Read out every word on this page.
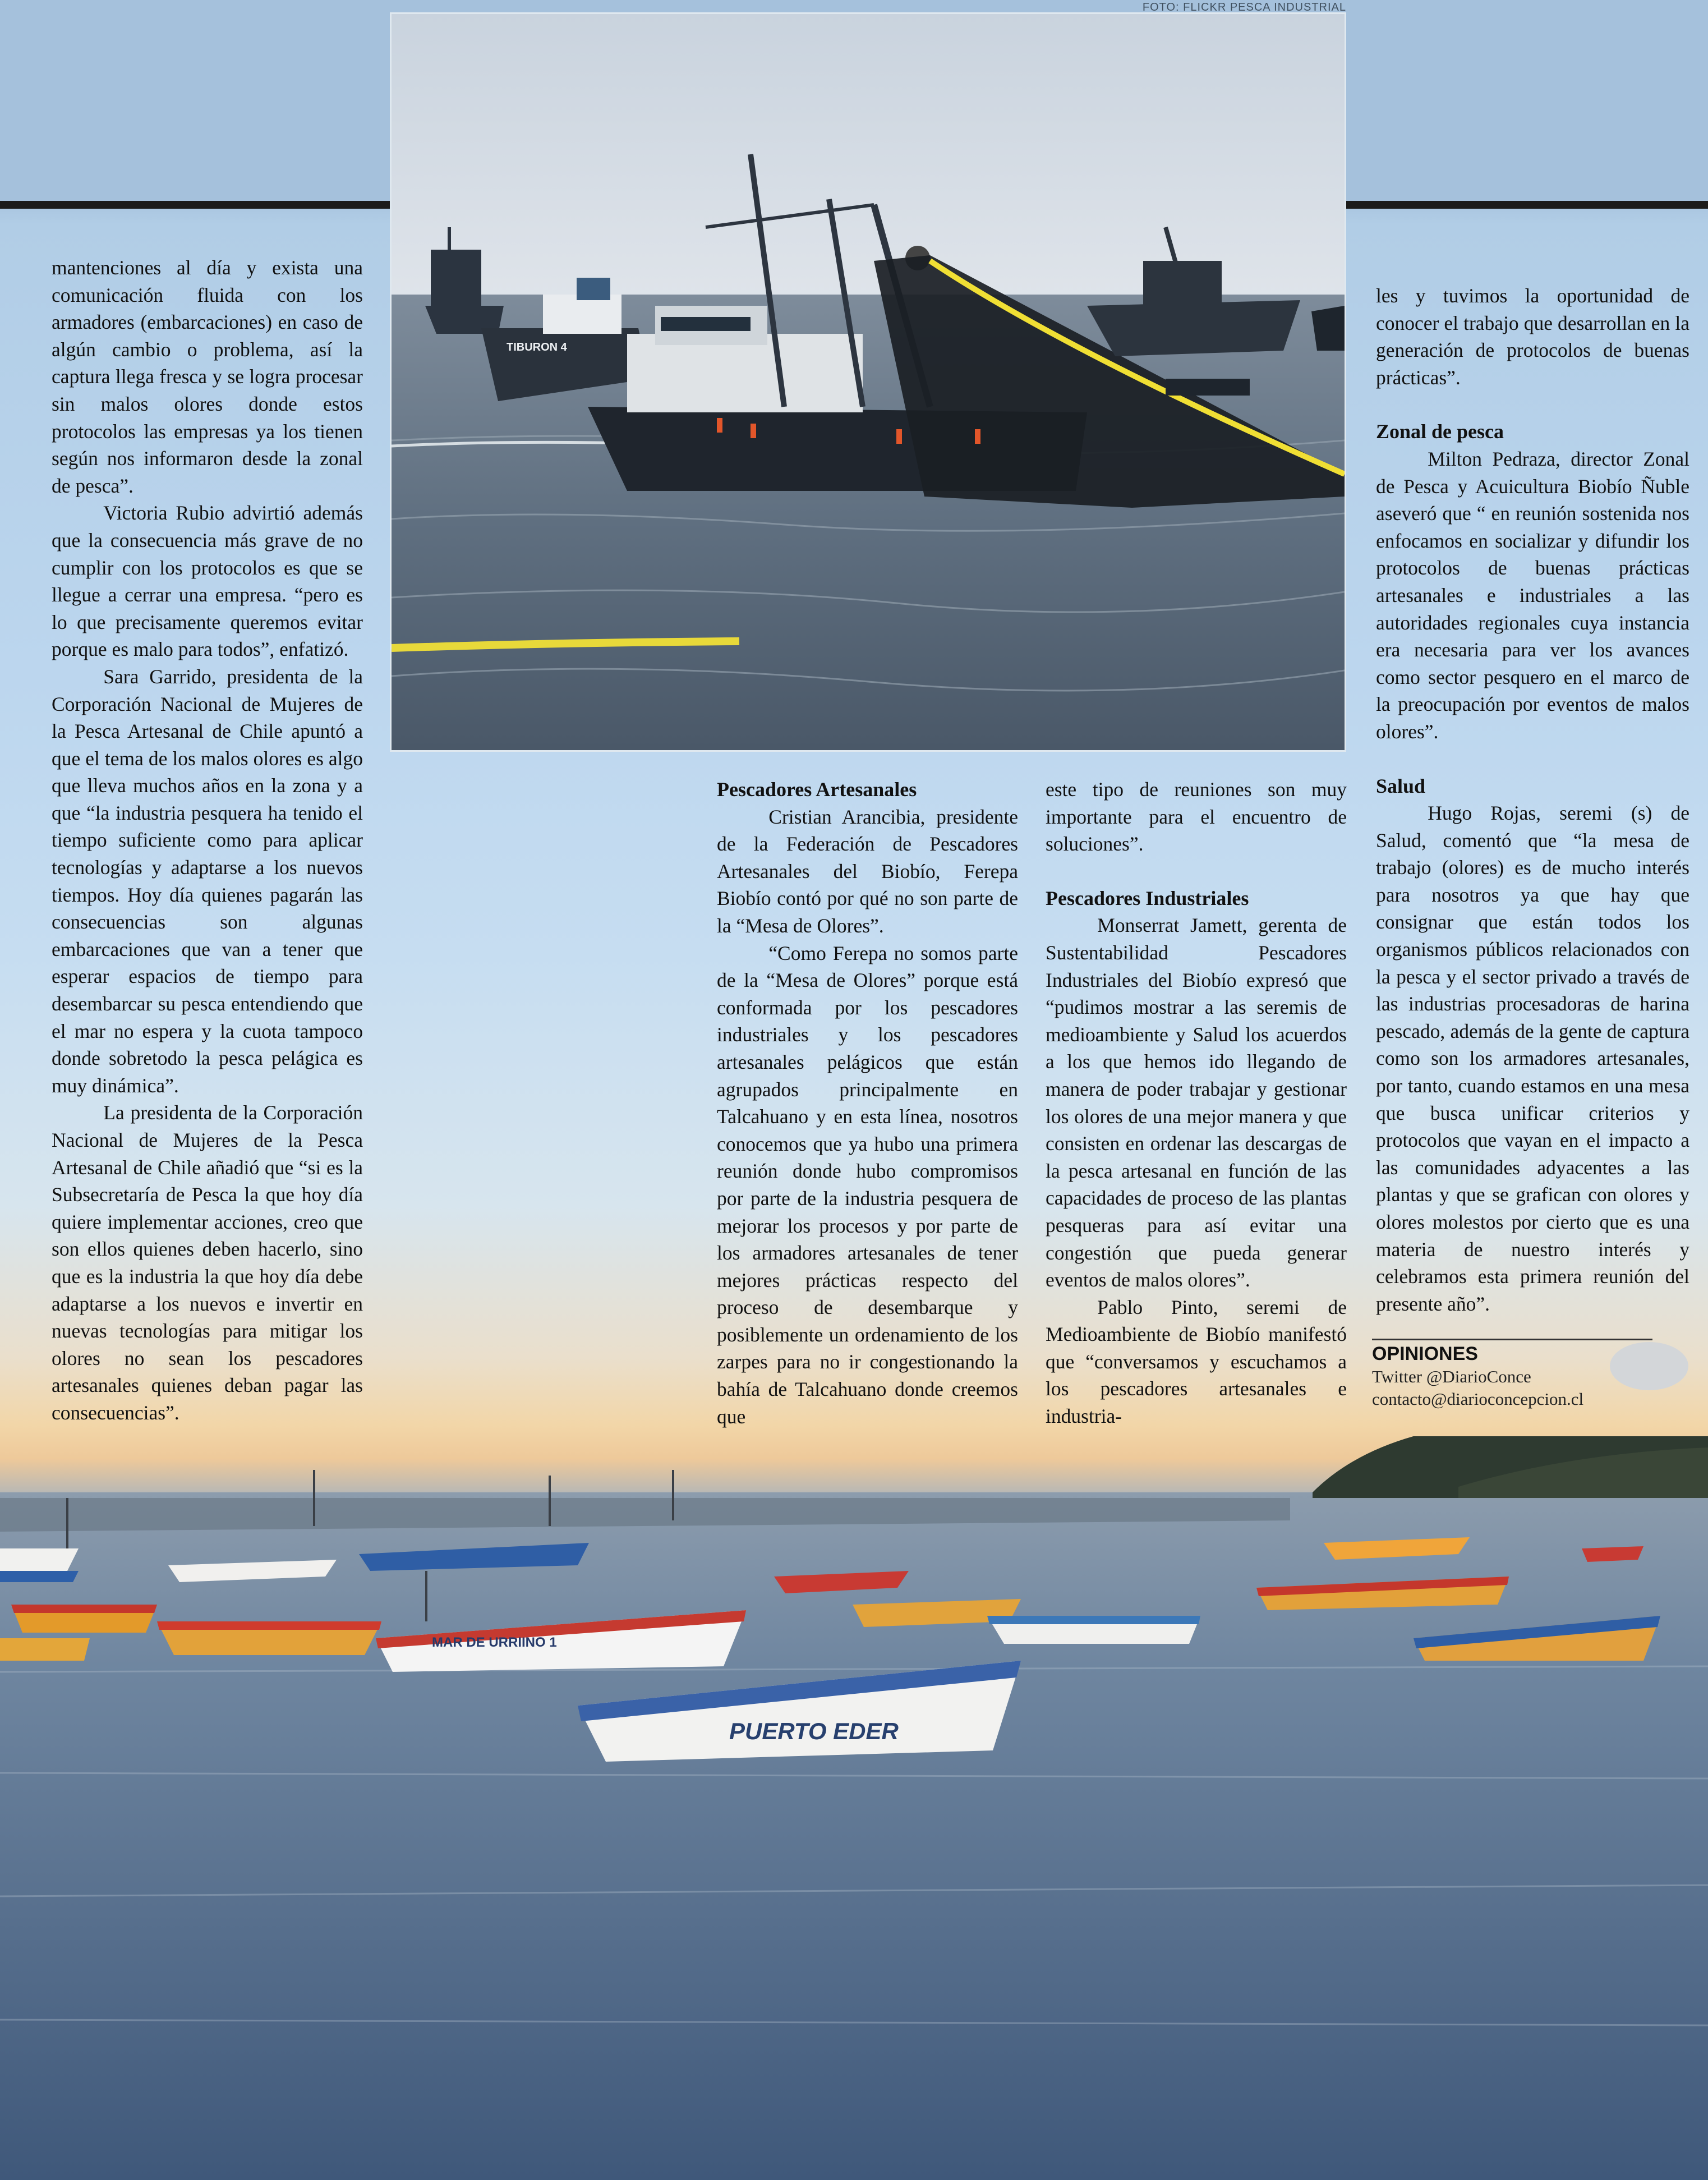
FOTO: FLICKR PESCA INDUSTRIAL
TIBURON 4

mantenciones al día y exista una comunicación fluida con los armadores (embarcaciones) en caso de algún cambio o problema, así la captura llega fresca y se logra procesar sin malos olores donde estos protocolos las empresas ya los tienen según nos informaron desde la zonal de pesca”.

Victoria Rubio advirtió además que la consecuencia más grave de no cumplir con los protocolos es que se llegue a cerrar una empresa. “pero es lo que precisamente queremos evitar porque es malo para todos”, enfatizó.

Sara Garrido, presidenta de la Corporación Nacional de Mujeres de la Pesca Artesanal de Chile apuntó a que el tema de los malos olores es algo que lleva muchos años en la zona y a que “la industria pesquera ha tenido el tiempo suficiente como para aplicar tecnologías y adaptarse a los nuevos tiempos. Hoy día quienes pagarán las consecuencias son algunas embarcaciones que van a tener que esperar espacios de tiempo para desembarcar su pesca entendiendo que el mar no espera y la cuota tampoco donde sobretodo la pesca pelágica es muy dinámica”.

La presidenta de la Corporación Nacional de Mujeres de la Pesca Artesanal de Chile añadió que “si es la Subsecretaría de Pesca la que hoy día quiere implementar acciones, creo que son ellos quienes deben hacerlo, sino que es la industria la que hoy día debe adaptarse a los nuevos e invertir en nuevas tecnologías para mitigar los olores no sean los pescadores artesanales quienes deban pagar las consecuencias”.

Pescadores Artesanales

Cristian Arancibia, presidente de la Federación de Pescadores Artesanales del Biobío, Ferepa Biobío contó por qué no son parte de la “Mesa de Olores”.

“Como Ferepa no somos parte de la “Mesa de Olores” porque está conformada por los pescadores industriales y los pescadores artesanales pelágicos que están agrupados principalmente en Talcahuano y en esta línea, nosotros conocemos que ya hubo una primera reunión donde hubo compromisos por parte de la industria pesquera de mejorar los procesos y por parte de los armadores artesanales de tener mejores prácticas respecto del proceso de desembarque y posiblemente un ordenamiento de los zarpes para no ir congestionando la bahía de Talcahuano donde creemos que

este tipo de reuniones son muy importante para el encuentro de soluciones”.

Pescadores Industriales

Monserrat Jamett, gerenta de Sustentabilidad Pescadores Industriales del Biobío expresó que “pudimos mostrar a las seremis de medioambiente y Salud los acuerdos a los que hemos ido llegando de manera de poder trabajar y gestionar los olores de una mejor manera y que consisten en ordenar las descargas de la pesca artesanal en función de las capacidades de proceso de las plantas pesqueras para así evitar una congestión que pueda generar eventos de malos olores”.

Pablo Pinto, seremi de Medioambiente de Biobío manifestó que “conversamos y escuchamos a los pescadores artesanales e industria-

les y tuvimos la oportunidad de conocer el trabajo que desarrollan en la generación de protocolos de buenas prácticas”.

Zonal de pesca

Milton Pedraza, director Zonal de Pesca y Acuicultura Biobío Ñuble aseveró que “ en reunión sostenida nos enfocamos en socializar y difundir los protocolos de buenas prácticas artesanales e industriales a las autoridades regionales cuya instancia era necesaria para ver los avances como sector pesquero en el marco de la preocupación por eventos de malos olores”.

Salud

Hugo Rojas, seremi (s) de Salud, comentó que “la mesa de trabajo (olores) es de mucho interés para nosotros ya que hay que consignar que están todos los organismos públicos relacionados con la pesca y el sector privado a través de las industrias procesadoras de harina pescado, además de la gente de captura como son los armadores artesanales, por tanto, cuando estamos en una mesa que busca unificar criterios y protocolos que vayan en el impacto a las comunidades adyacentes a las plantas y que se grafican con olores y olores molestos por cierto que es una materia de nuestro interés y celebramos esta primera reunión del presente año”.

OPINIONES
Twitter @DiarioConce
contacto@diarioconcepcion.cl
MAR DE URRIINO 1
PUERTO EDER
